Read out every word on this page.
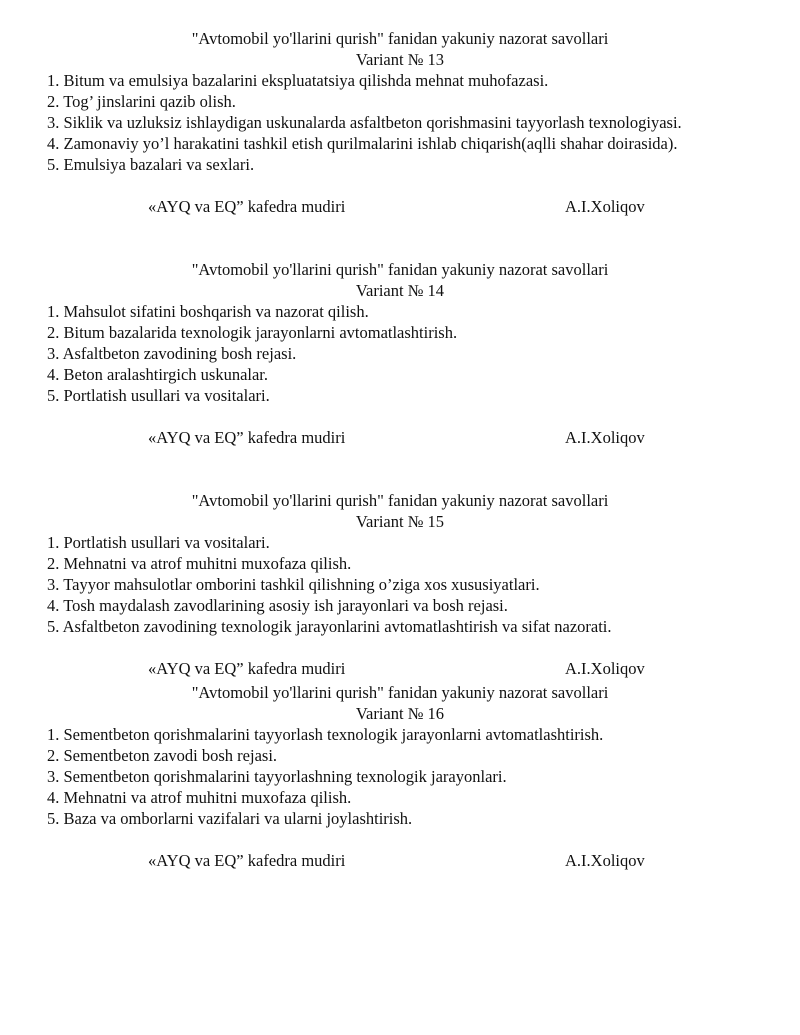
"Avtomobil yo'llarini qurish" fanidan yakuniy nazorat savollari
Variant № 13
1. Bitum va emulsiya bazalarini ekspluatatsiya qilishda mehnat muhofazasi.
2. Tog’ jinslarini qazib olish.
3. Siklik va uzluksiz ishlaydigan uskunalarda asfaltbeton qorishmasini tayyorlash texnologiyasi.
4. Zamonaviy yo’l harakatini tashkil etish qurilmalarini ishlab chiqarish(aqlli shahar doirasida).
5. Emulsiya bazalari va sexlari.
«AYQ va EQ” kafedra mudiri	A.I.Xoliqov
"Avtomobil yo'llarini qurish" fanidan yakuniy nazorat savollari
Variant № 14
1. Mahsulot sifatini boshqarish va nazorat qilish.
2. Bitum bazalarida texnologik jarayonlarni avtomatlashtirish.
3. Asfaltbeton zavodining bosh rejasi.
4. Beton aralashtirgich uskunalar.
5. Portlatish usullari va vositalari.
«AYQ va EQ” kafedra mudiri	A.I.Xoliqov
"Avtomobil yo'llarini qurish" fanidan yakuniy nazorat savollari
Variant № 15
1. Portlatish usullari va vositalari.
2. Mehnatni va atrof muhitni muxofaza qilish.
3. Tayyor mahsulotlar omborini tashkil qilishning o’ziga xos xususiyatlari.
4. Tosh maydalash zavodlarining asosiy ish jarayonlari va bosh rejasi.
5. Asfaltbeton zavodining texnologik jarayonlarini avtomatlashtirish va sifat nazorati.
«AYQ va EQ” kafedra mudiri	A.I.Xoliqov
"Avtomobil yo'llarini qurish" fanidan yakuniy nazorat savollari
Variant № 16
1. Sementbeton qorishmalarini tayyorlash texnologik jarayonlarni avtomatlashtirish.
2. Sementbeton zavodi bosh rejasi.
3. Sementbeton qorishmalarini tayyorlashning texnologik jarayonlari.
4. Mehnatni va atrof muhitni muxofaza qilish.
5. Baza va omborlarni vazifalari va ularni joylashtirish.
«AYQ va EQ” kafedra mudiri	A.I.Xoliqov
